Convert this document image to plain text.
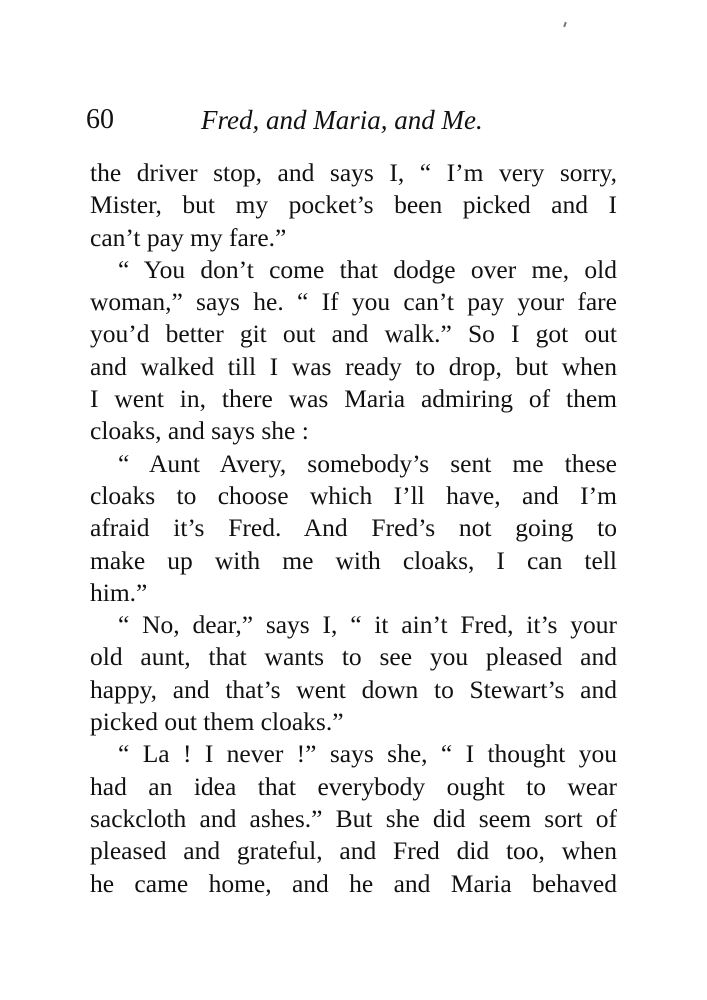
60	Fred, and Maria, and Me.
the driver stop, and says I, “ I’m very sorry,
Mister, but my pocket’s been picked and I
can’t pay my fare.”
“ You don’t come that dodge over me, old
woman,” says he. “ If you can’t pay your fare
you’d better git out and walk.” So I got out
and walked till I was ready to drop, but when
I went in, there was Maria admiring of them
cloaks, and says she :
“ Aunt Avery, somebody’s sent me these
cloaks to choose which I’ll have, and I’m
afraid it’s Fred. And Fred’s not going to
make up with me with cloaks, I can tell
him.”
“ No, dear,” says I, “ it ain’t Fred, it’s your
old aunt, that wants to see you pleased and
happy, and that’s went down to Stewart’s and
picked out them cloaks.”
“ La ! I never !” says she, “ I thought you
had an idea that everybody ought to wear
sackcloth and ashes.” But she did seem sort of
pleased and grateful, and Fred did too, when
he came home, and he and Maria behaved
